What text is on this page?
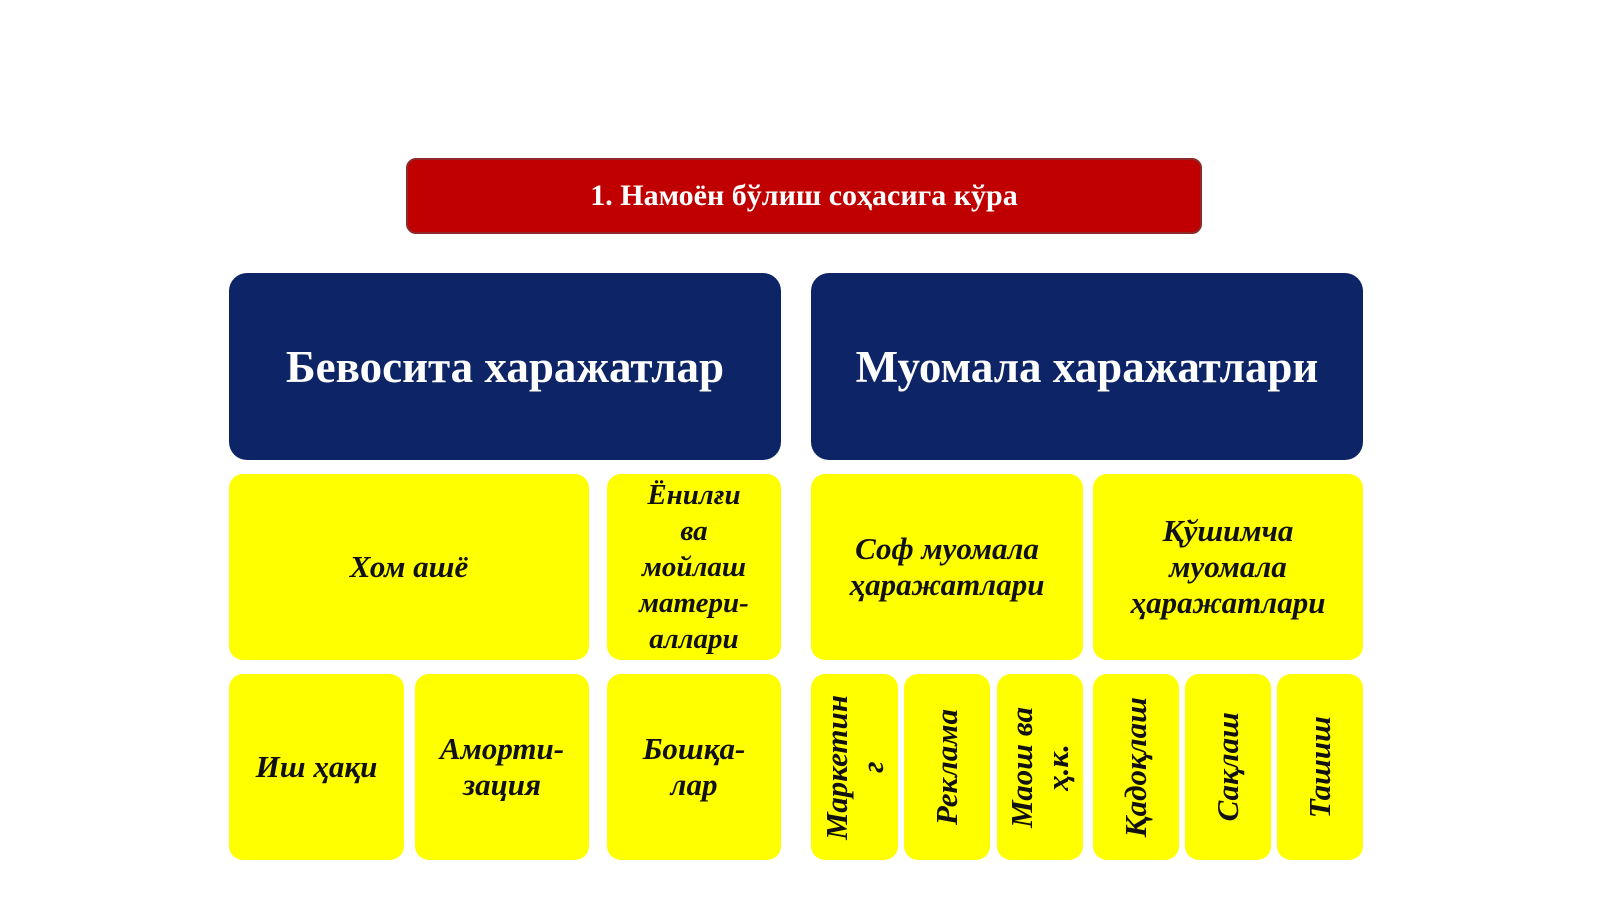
1. Намоён бўлиш соҳасига кўра
Бевосита харажатлар
Хом ашё
Ёнилғи
ва
мойлаш
матери-
аллари
Иш ҳақи
Аморти-
зация
Бошқа-
лар
Муомала харажатлари
Соф муомала
ҳаражатлари
Қўшимча
муомала
ҳаражатлари
Маркетин
г Реклама Маош ва
ҳ.к. Қадоқлаш Сақлаш Ташиш
